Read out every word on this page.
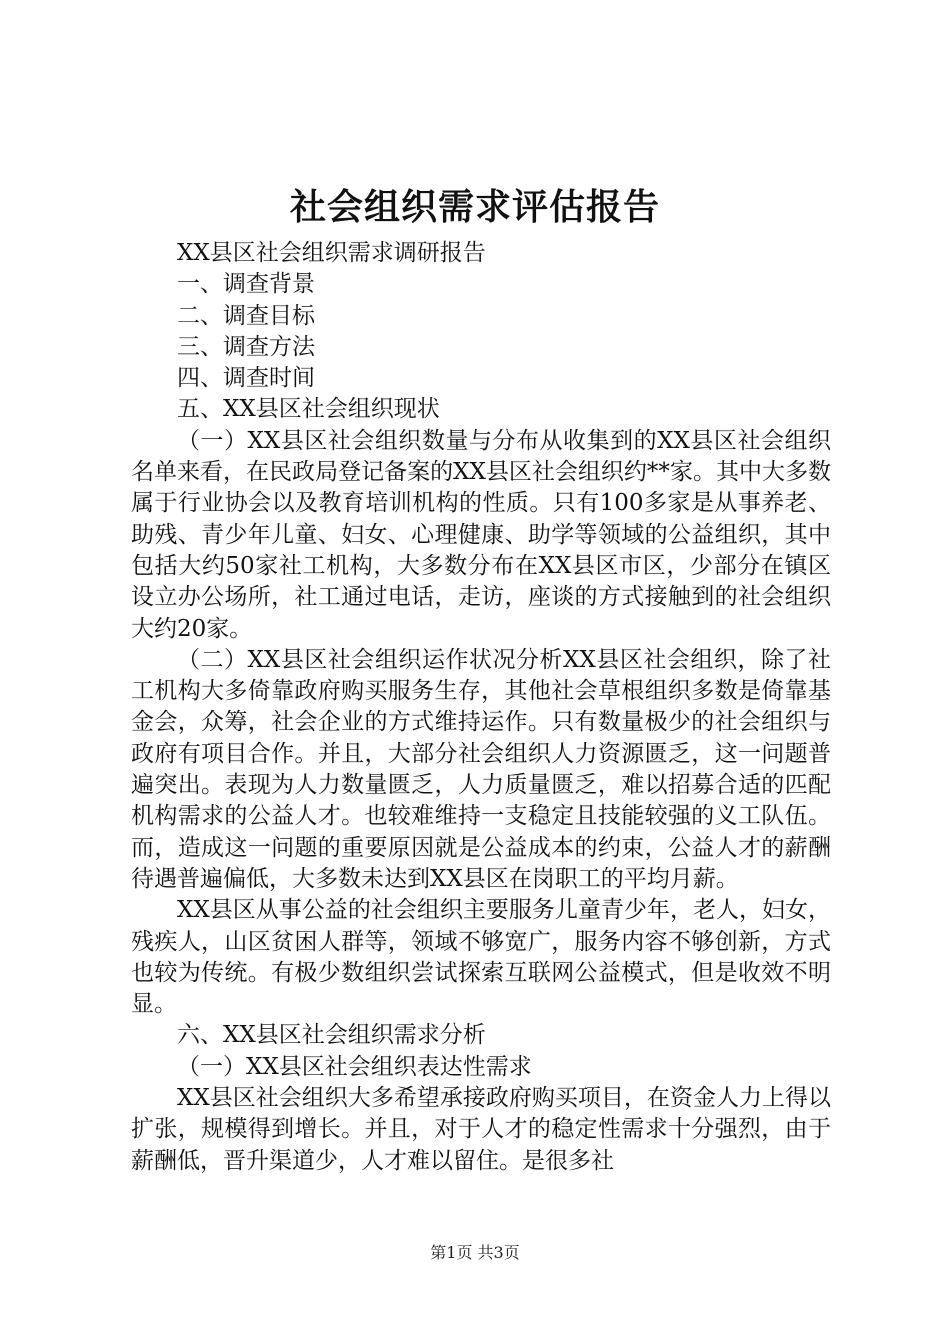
社会组织需求评估报告

XX县区社会组织需求调研报告

一、调查背景

二、调查目标

三、调查方法

四、调查时间

五、XX县区社会组织现状

（一）XX县区社会组织数量与分布从收集到的XX县区社会组织名单来看，在民政局登记备案的XX县区社会组织约**家。其中大多数属于行业协会以及教育培训机构的性质。只有100多家是从事养老、助残、青少年儿童、妇女、心理健康、助学等领域的公益组织，其中包括大约50家社工机构，大多数分布在XX县区市区，少部分在镇区设立办公场所，社工通过电话，走访，座谈的方式接触到的社会组织大约20家。

（二）XX县区社会组织运作状况分析XX县区社会组织，除了社工机构大多倚靠政府购买服务生存，其他社会草根组织多数是倚靠基金会，众筹，社会企业的方式维持运作。只有数量极少的社会组织与政府有项目合作。并且，大部分社会组织人力资源匮乏，这一问题普遍突出。表现为人力数量匮乏，人力质量匮乏，难以招募合适的匹配机构需求的公益人才。也较难维持一支稳定且技能较强的义工队伍。而，造成这一问题的重要原因就是公益成本的约束，公益人才的薪酬待遇普遍偏低，大多数未达到XX县区在岗职工的平均月薪。

XX县区从事公益的社会组织主要服务儿童青少年，老人，妇女，残疾人，山区贫困人群等，领域不够宽广，服务内容不够创新，方式也较为传统。有极少数组织尝试探索互联网公益模式，但是收效不明显。

六、XX县区社会组织需求分析

（一）XX县区社会组织表达性需求

XX县区社会组织大多希望承接政府购买项目，在资金人力上得以扩张，规模得到增长。并且，对于人才的稳定性需求十分强烈，由于薪酬低，晋升渠道少，人才难以留住。是很多社

第1页 共3页
